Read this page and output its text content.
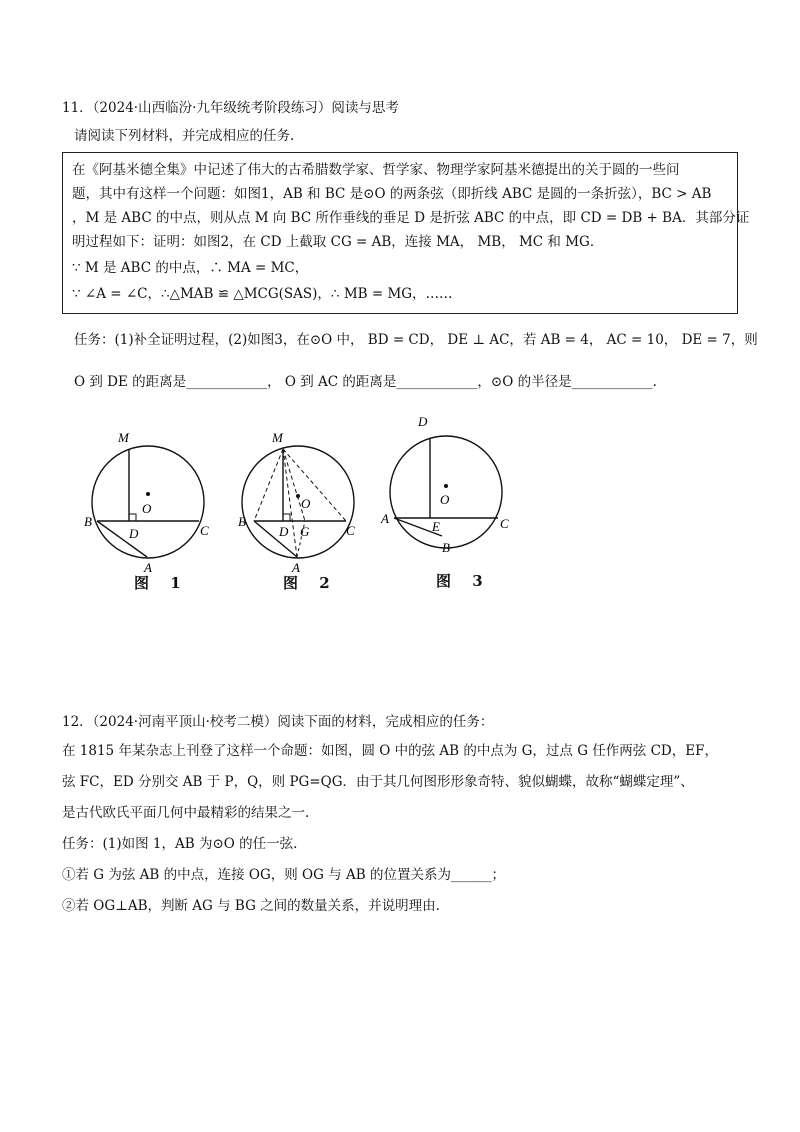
11．（2024·山西临汾·九年级统考阶段练习）阅读与思考
请阅读下列材料，并完成相应的任务.
在《阿基米德全集》中记述了伟大的古希腊数学家、哲学家、物理学家阿基米德提出的关于圆的一些问
题，其中有这样一个问题：如图1，AB 和 BC 是⊙O 的两条弦（即折线 ABC 是圆的一条折弦），BC > AB
，M 是 ABC 的中点，则从点 M 向 BC 所作垂线的垂足 D 是折弦 ABC 的中点，即 CD = DB + BA．其部分证
明过程如下：证明：如图2，在 CD 上截取 CG = AB，连接 MA， MB， MC 和 MG．
∵ M 是 ABC 的中点，∴ MA = MC，
∵ ∠A = ∠C，∴△MAB ≌ △MCG(SAS)，∴ MB = MG，……
任务：(1)补全证明过程，(2)如图3，在⊙O 中， BD = CD， DE ⊥ AC，若 AB = 4， AC = 10， DE = 7，则
O 到 DE 的距离是____________， O 到 AC 的距离是____________，⊙O 的半径是____________.
M
O
B
D	C
A
图 1
M
O
B
D G	C
A
图 2
D
O
A
E	C
B
图 3
12．（2024·河南平顶山·校考二模）阅读下面的材料，完成相应的任务：
在 1815 年某杂志上刊登了这样一个命题：如图，圆 O 中的弦 AB 的中点为 G，过点 G 任作两弦 CD，EF，
弦 FC，ED 分别交 AB 于 P，Q，则 PG=QG．由于其几何图形形象奇特、貌似蝴蝶，故称“蝴蝶定理”、
是古代欧氏平面几何中最精彩的结果之一.
任务：(1)如图 1，AB 为⊙O 的任一弦.
①若 G 为弦 AB 的中点，连接 OG，则 OG 与 AB 的位置关系为______；
②若 OG⊥AB，判断 AG 与 BG 之间的数量关系，并说明理由.
